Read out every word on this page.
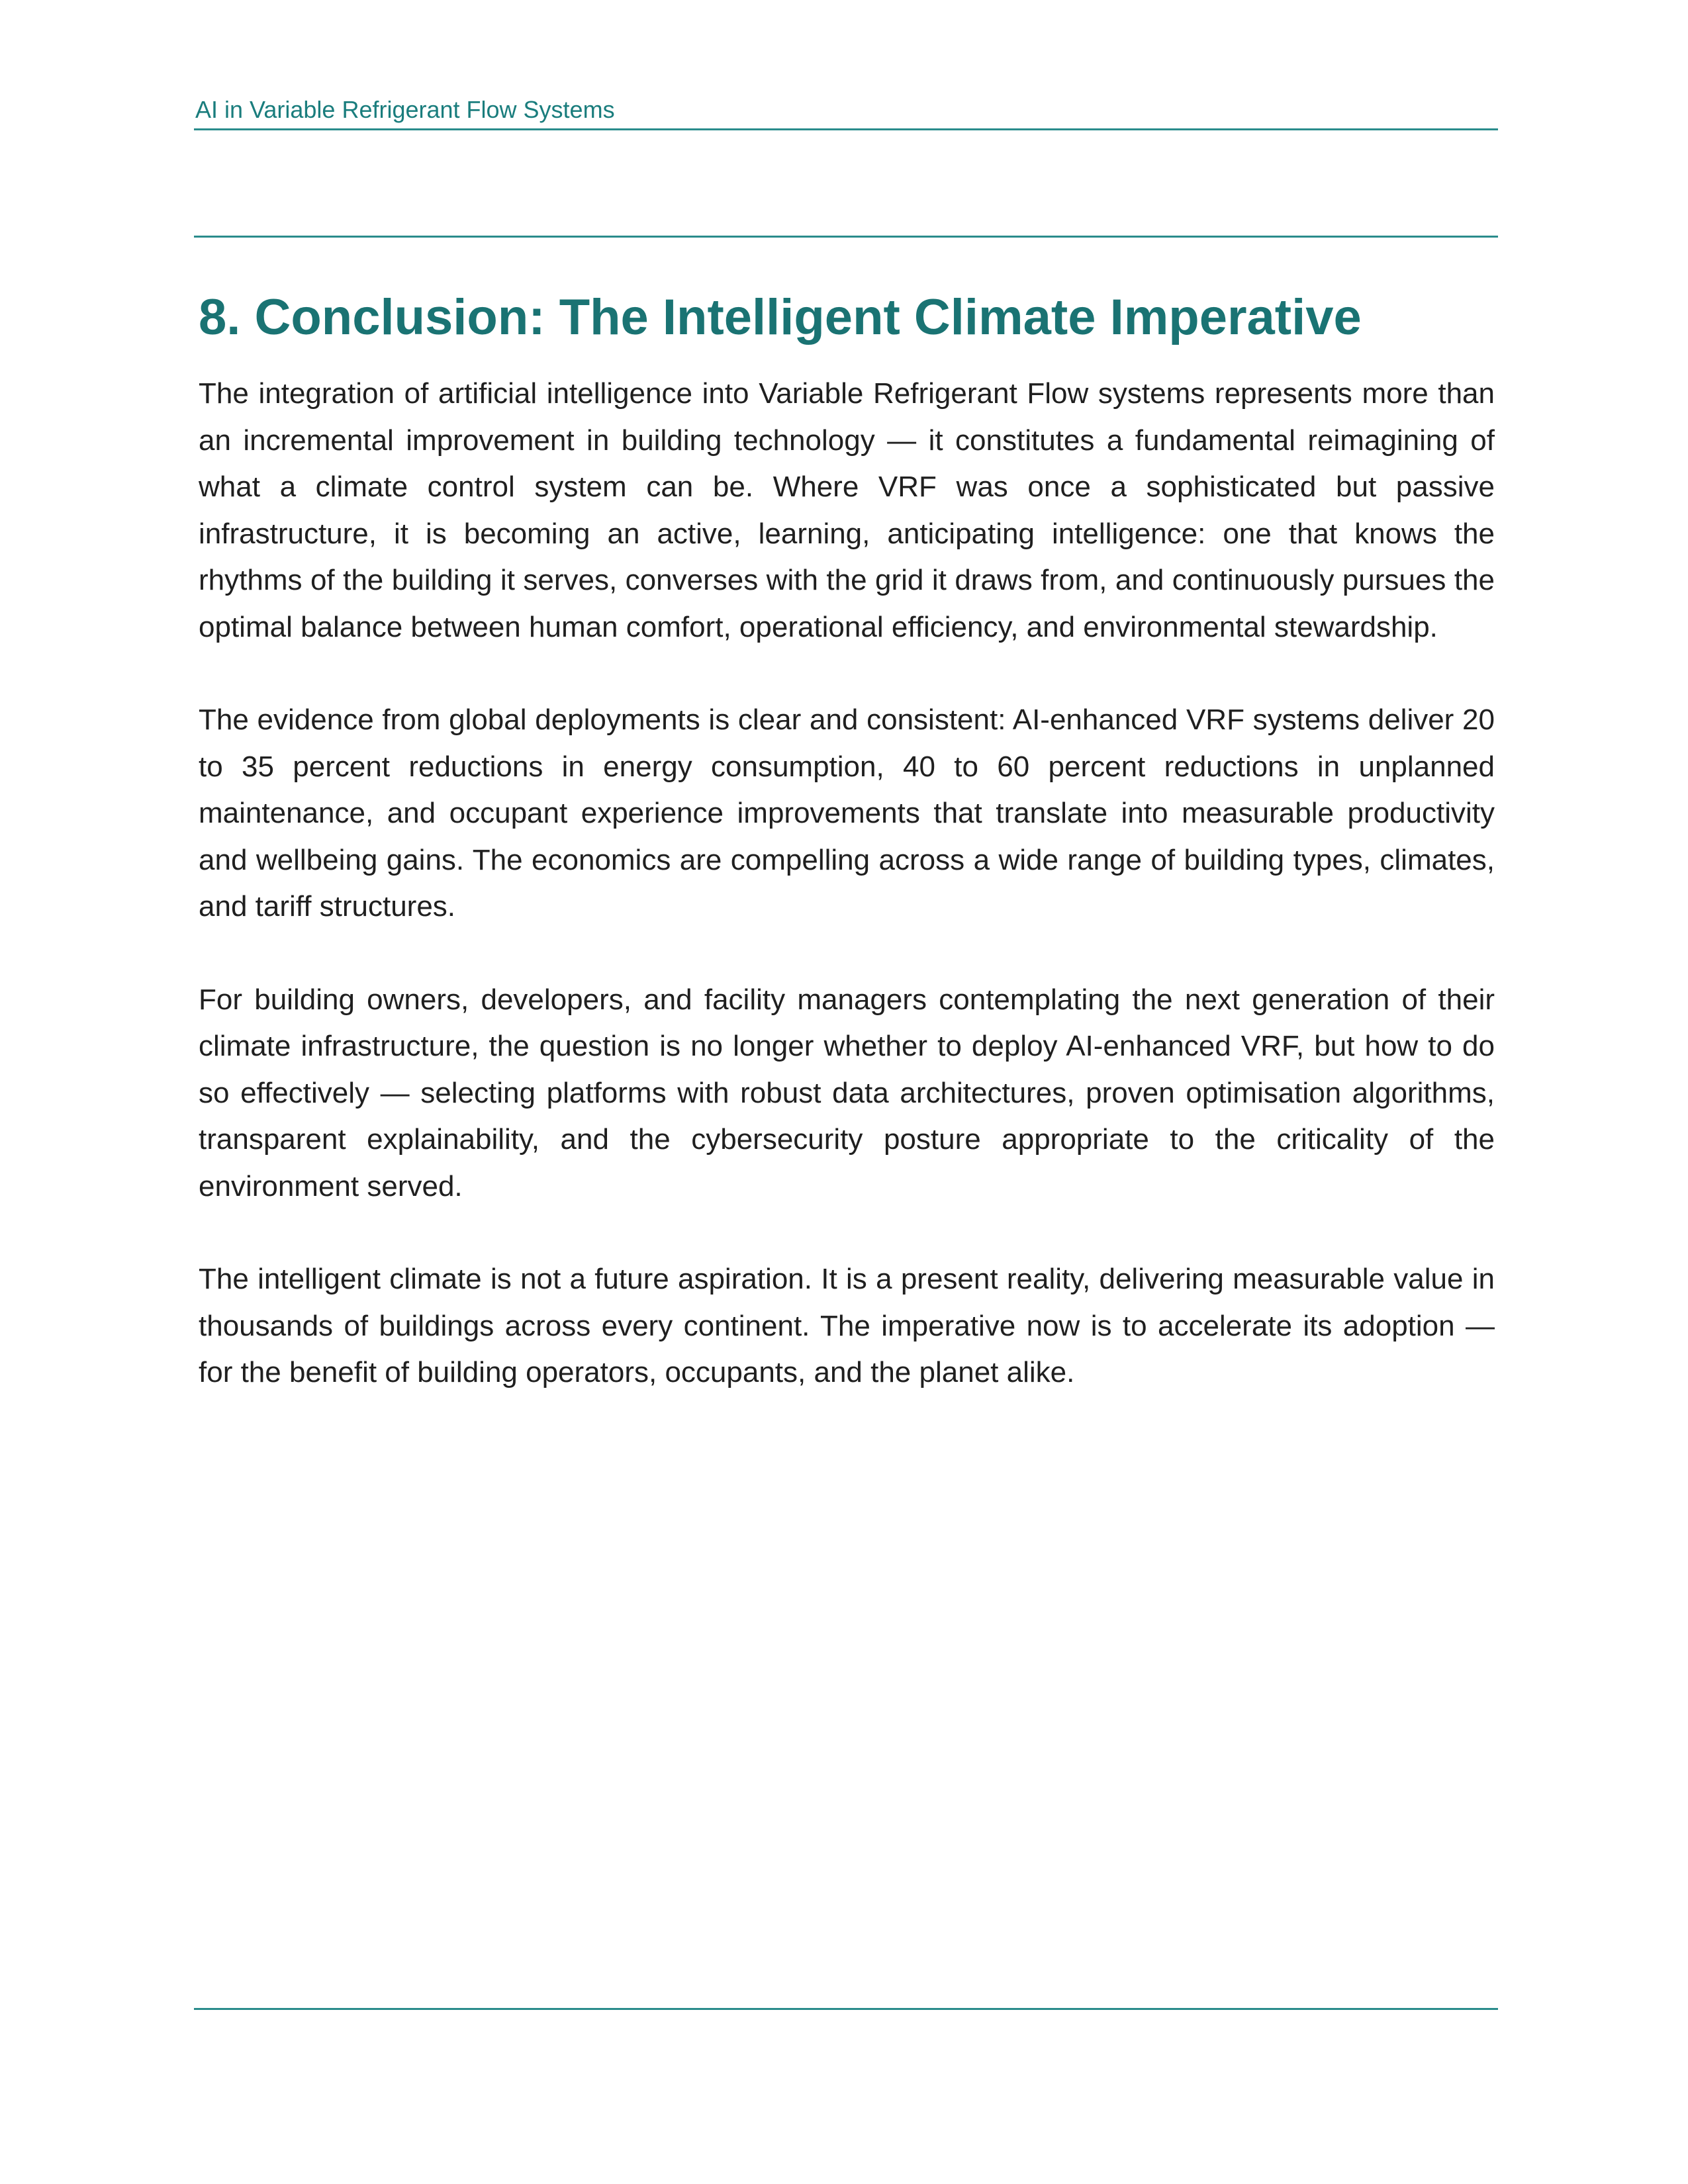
AI in Variable Refrigerant Flow Systems
8. Conclusion: The Intelligent Climate Imperative

The integration of artificial intelligence into Variable Refrigerant Flow systems represents more than an incremental improvement in building technology — it constitutes a fundamental reimagining of what a climate control system can be. Where VRF was once a sophisticated but passive infrastructure, it is becoming an active, learning, anticipating intelligence: one that knows the rhythms of the building it serves, converses with the grid it draws from, and continuously pursues the optimal balance between human comfort, operational efficiency, and environmental stewardship.

The evidence from global deployments is clear and consistent: AI-enhanced VRF systems deliver 20 to 35 percent reductions in energy consumption, 40 to 60 percent reductions in unplanned maintenance, and occupant experience improvements that translate into measurable productivity and wellbeing gains. The economics are compelling across a wide range of building types, climates, and tariff structures.

For building owners, developers, and facility managers contemplating the next generation of their climate infrastructure, the question is no longer whether to deploy AI-enhanced VRF, but how to do so effectively — selecting platforms with robust data architectures, proven optimisation algorithms, transparent explainability, and the cybersecurity posture appropriate to the criticality of the environment served.

The intelligent climate is not a future aspiration. It is a present reality, delivering measurable value in thousands of buildings across every continent. The imperative now is to accelerate its adoption — for the benefit of building operators, occupants, and the planet alike.
